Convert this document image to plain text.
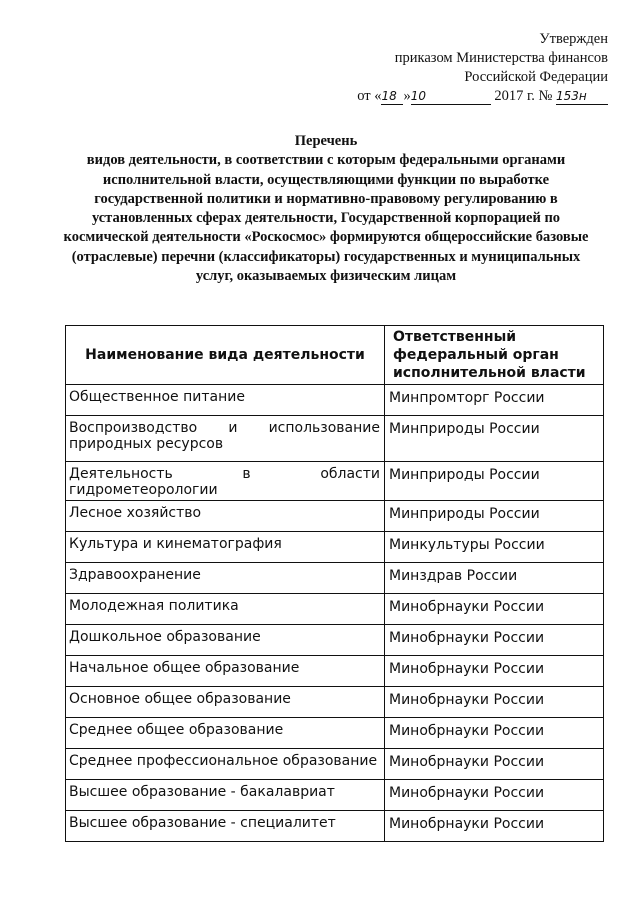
Утвержден
приказом Министерства финансов
Российской Федерации
от «18 »10	2017 г. № 153н
Перечень
видов деятельности, в соответствии с которым федеральными органами исполнительной власти, осуществляющими функции по выработке государственной политики и нормативно-правовому регулированию в установленных сферах деятельности, Государственной корпорацией по космической деятельности «Роскосмос» формируются общероссийские базовые (отраслевые) перечни (классификаторы) государственных и муниципальных услуг, оказываемых физическим лицам
Наименование вида деятельности	Ответственный федеральный орган исполнительной власти
Общественное питание	Минпромторг России
Воспроизводство и использование природных ресурсов	Минприроды России
Деятельность в области гидрометеорологии	Минприроды России
Лесное хозяйство	Минприроды России
Культура и кинематография	Минкультуры России
Здравоохранение	Минздрав России
Молодежная политика	Минобрнауки России
Дошкольное образование	Минобрнауки России
Начальное общее образование	Минобрнауки России
Основное общее образование	Минобрнауки России
Среднее общее образование	Минобрнауки России
Среднее профессиональное образование	Минобрнауки России
Высшее образование - бакалавриат	Минобрнауки России
Высшее образование - специалитет	Минобрнауки России
